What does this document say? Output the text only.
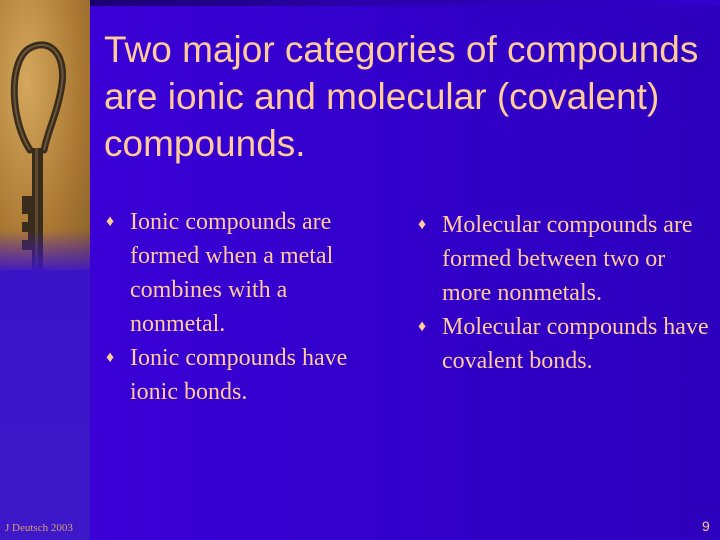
J Deutsch 2003
Two major categories of compounds are ionic and molecular (covalent) compounds.
♦ Ionic compounds are formed when a metal combines with a nonmetal.
♦ Ionic compounds have ionic bonds.
♦ Molecular compounds are formed between two or more nonmetals.
♦ Molecular compounds have covalent bonds.
9
